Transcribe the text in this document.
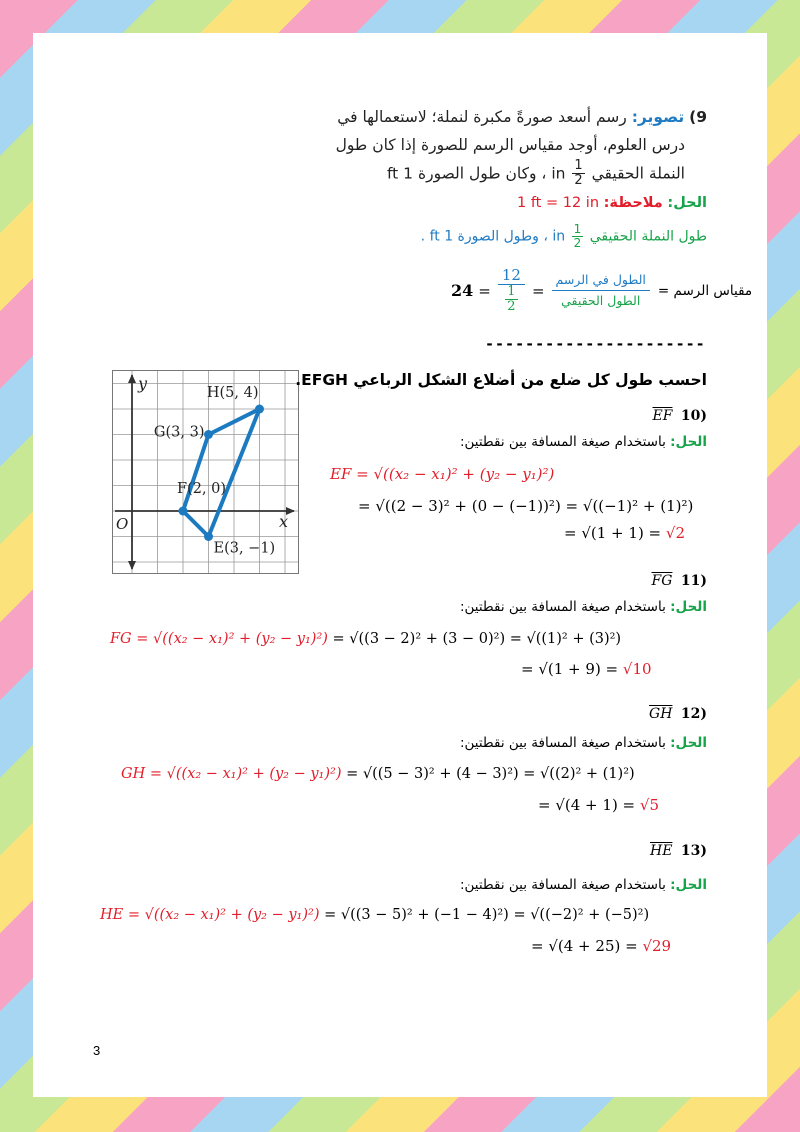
9) تصوير: رسم أسعد صورةً مكبرة لنملة؛ لاستعمالها في
درس العلوم، أوجد مقياس الرسم للصورة إذا كان طول
النملة الحقيقي
$\frac{1}{2}$
in ، وكان طول الصورة 1 ft
الحل: ملاحظة: 1 ft = 12 in
طول النملة الحقيقي
$\frac{1}{2}$
in ، وطول الصورة 1 ft .
$24 = \frac{12}{\frac{1}{2}} = \frac{\text{الطول في الرسم}}{\text{الطول الحقيقي}}$ مقياس الرسم =
----------------------
y
x
O
F(2, 0)
G(3, 3)
H(5, 4)
E(3, −1)
احسب طول كل ضلع من أضلاع الشكل الرباعي EFGH.
$\overline{EF}$ 10)
الحل: باستخدام صيغة المسافة بين نقطتين:
EF = √((x₂ − x₁)² + (y₂ − y₁)²)
= √((2 − 3)² + (0 − (−1))²) = √((−1)² + (1)²)
= √(1 + 1) = √2
$\overline{FG}$ 11)
الحل: باستخدام صيغة المسافة بين نقطتين:
FG = √((x₂ − x₁)² + (y₂ − y₁)²) = √((3 − 2)² + (3 − 0)²) = √((1)² + (3)²)
= √(1 + 9) = √10
$\overline{GH}$ 12)
الحل: باستخدام صيغة المسافة بين نقطتين:
GH = √((x₂ − x₁)² + (y₂ − y₁)²) = √((5 − 3)² + (4 − 3)²) = √((2)² + (1)²)
= √(4 + 1) = √5
$\overline{HE}$ 13)
الحل: باستخدام صيغة المسافة بين نقطتين:
HE = √((x₂ − x₁)² + (y₂ − y₁)²) = √((3 − 5)² + (−1 − 4)²) = √((−2)² + (−5)²)
= √(4 + 25) = √29
3
